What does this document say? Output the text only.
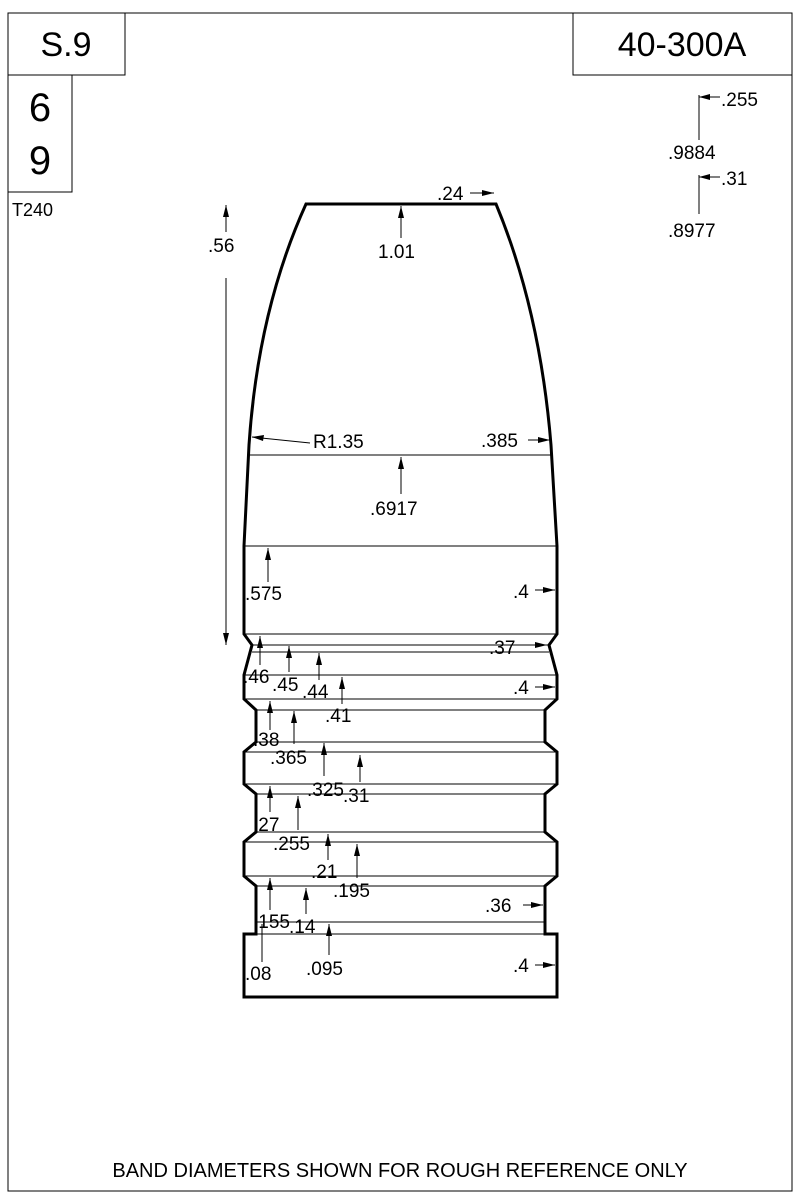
S.9	40-300A
6
9
T240
.255
.9884
.31
.8977
.56
.24
1.01
R1.35	.385
.6917
.575	.4
.37
.46 .45 .44	.4
.41
.38
.365
.325 .31
.27
.255
.21
.195
.155 .14
.36
.08 .095	.4
BAND DIAMETERS SHOWN FOR ROUGH REFERENCE ONLY
